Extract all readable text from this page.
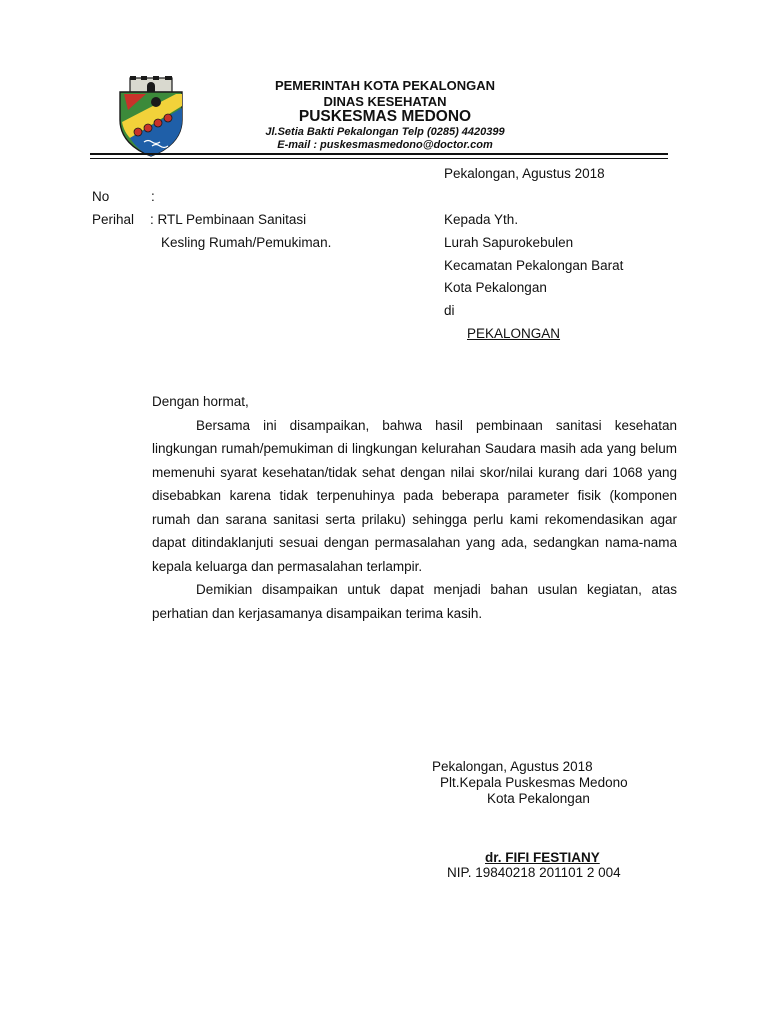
PEMERINTAH KOTA PEKALONGAN
DINAS KESEHATAN
PUSKESMAS MEDONO
Jl.Setia Bakti Pekalongan Telp (0285) 4420399
E-mail : puskesmasmedono@doctor.com
Pekalongan, Agustus 2018
No	:
Perihal : RTL Pembinaan Sanitasi
Kesling Rumah/Pemukiman.
Kepada Yth.
Lurah Sapurokebulen
Kecamatan Pekalongan Barat
Kota Pekalongan
di
PEKALONGAN

Dengan hormat,

Bersama ini disampaikan, bahwa hasil pembinaan sanitasi kesehatan lingkungan rumah/pemukiman di lingkungan kelurahan Saudara masih ada yang belum memenuhi syarat kesehatan/tidak sehat dengan nilai skor/nilai kurang dari 1068 yang disebabkan karena tidak terpenuhinya pada beberapa parameter fisik (komponen rumah dan sarana sanitasi serta prilaku) sehingga perlu kami rekomendasikan agar dapat ditindaklanjuti sesuai dengan permasalahan yang ada, sedangkan nama-nama kepala keluarga dan permasalahan terlampir.

Demikian disampaikan untuk dapat menjadi bahan usulan kegiatan, atas perhatian dan kerjasamanya disampaikan terima kasih.

Pekalongan, Agustus 2018
Plt.Kepala Puskesmas Medono
Kota Pekalongan
dr. FIFI FESTIANY
NIP. 19840218 201101 2 004
